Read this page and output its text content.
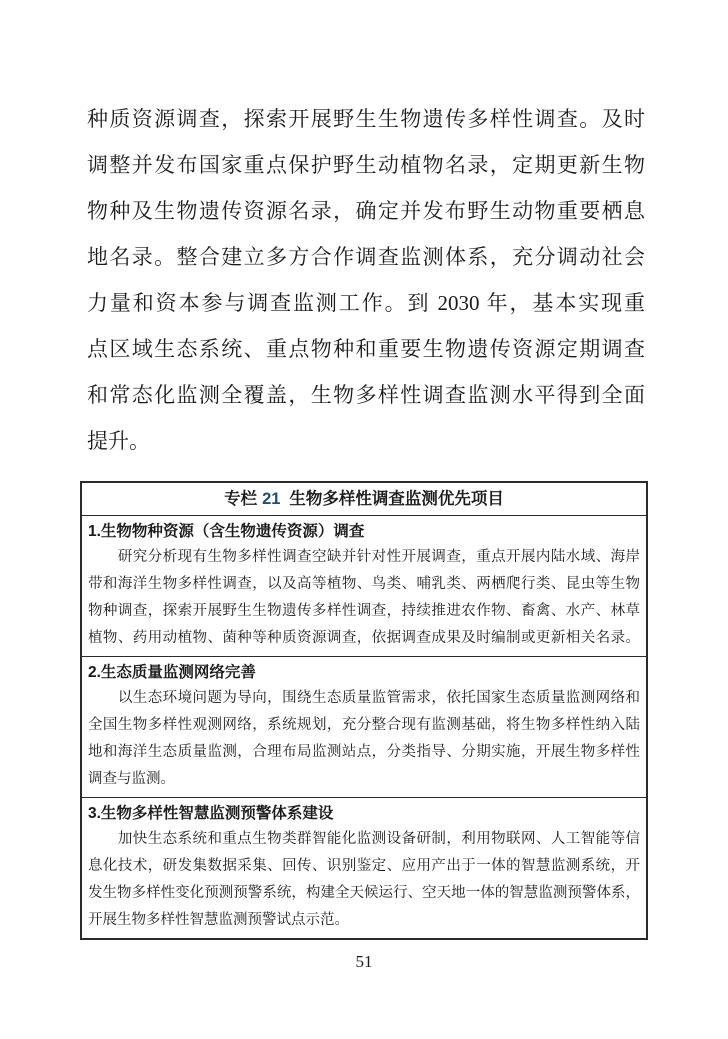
种质资源调查，探索开展野生生物遗传多样性调查。及时
调整并发布国家重点保护野生动植物名录，定期更新生物
物种及生物遗传资源名录，确定并发布野生动物重要栖息
地名录。整合建立多方合作调查监测体系，充分调动社会
力量和资本参与调查监测工作。到 2030 年，基本实现重
点区域生态系统、重点物种和重要生物遗传资源定期调查
和常态化监测全覆盖，生物多样性调查监测水平得到全面
提升。
专栏 21 生物多样性调查监测优先项目
1.生物物种资源（含生物遗传资源）调查
　　研究分析现有生物多样性调查空缺并针对性开展调查，重点开展内陆水域、海岸
带和海洋生物多样性调查，以及高等植物、鸟类、哺乳类、两栖爬行类、昆虫等生物
物种调查，探索开展野生生物遗传多样性调查，持续推进农作物、畜禽、水产、林草
植物、药用动植物、菌种等种质资源调查，依据调查成果及时编制或更新相关名录。
2.生态质量监测网络完善
　　以生态环境问题为导向，围绕生态质量监管需求，依托国家生态质量监测网络和
全国生物多样性观测网络，系统规划，充分整合现有监测基础，将生物多样性纳入陆
地和海洋生态质量监测，合理布局监测站点，分类指导、分期实施，开展生物多样性
调查与监测。
3.生物多样性智慧监测预警体系建设
　　加快生态系统和重点生物类群智能化监测设备研制，利用物联网、人工智能等信
息化技术，研发集数据采集、回传、识别鉴定、应用产出于一体的智慧监测系统，开
发生物多样性变化预测预警系统，构建全天候运行、空天地一体的智慧监测预警体系，
开展生物多样性智慧监测预警试点示范。
51
